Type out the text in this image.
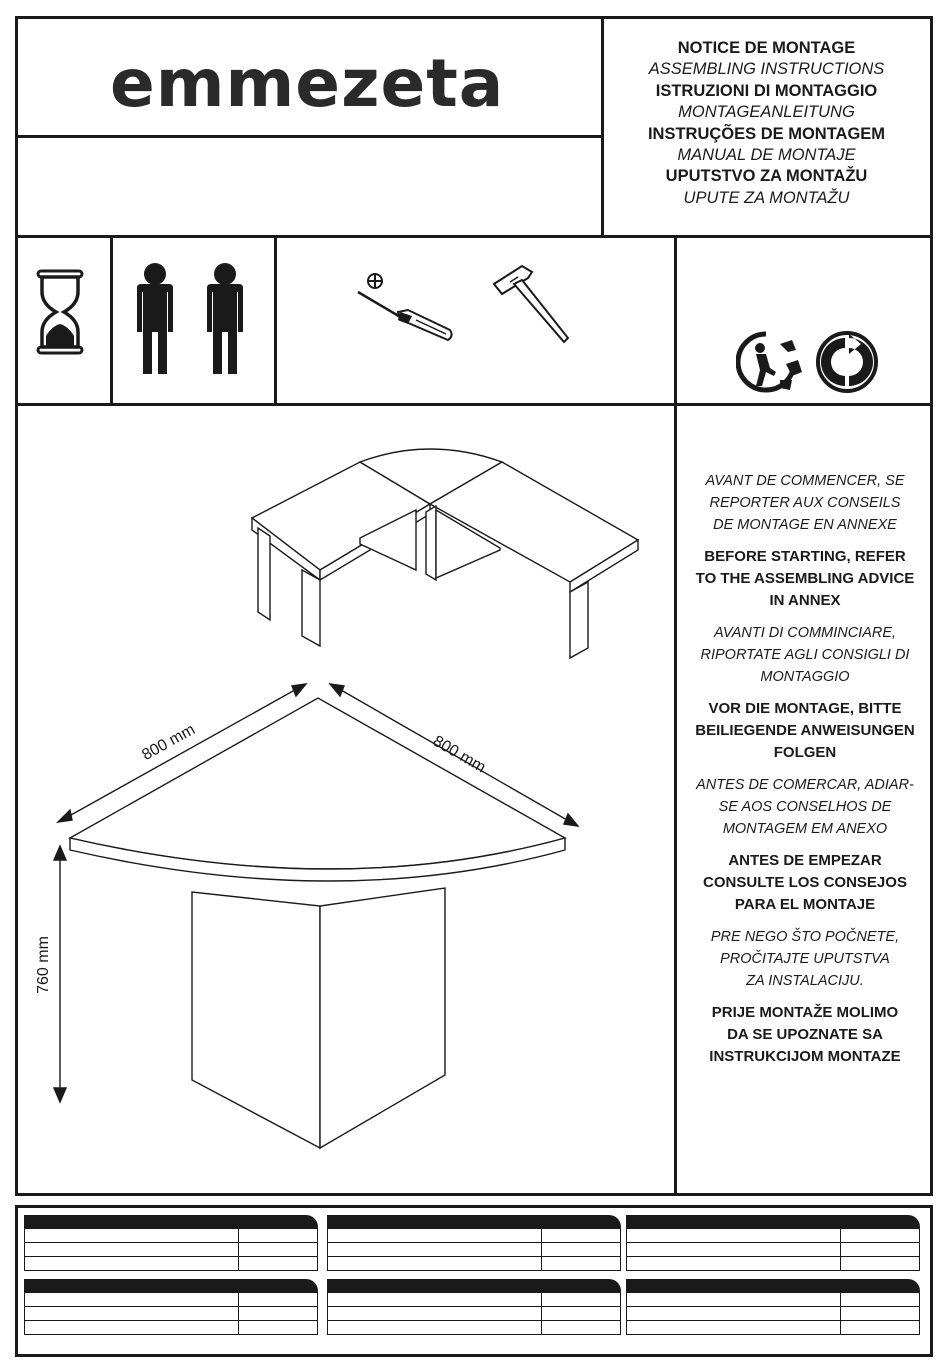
emmezeta	NOTICE DE MONTAGE
ASSEMBLING INSTRUCTIONS
ISTRUZIONI DI MONTAGGIO
MONTAGEANLEITUNG
INSTRUÇÕES DE MONTAGEM
MANUAL DE MONTAJE
UPUTSTVO ZA MONTAŽU
UPUTE ZA MONTAŽU
800 mm	800 mm
760 mm

AVANT DE COMMENCER, SE
REPORTER AUX CONSEILS
DE MONTAGE EN ANNEXE

BEFORE STARTING, REFER
TO THE ASSEMBLING ADVICE
IN ANNEX

AVANTI DI COMMINCIARE,
RIPORTATE AGLI CONSIGLI DI
MONTAGGIO

VOR DIE MONTAGE, BITTE
BEILIEGENDE ANWEISUNGEN
FOLGEN

ANTES DE COMERCAR, ADIAR-
SE AOS CONSELHOS DE
MONTAGEM EM ANEXO

ANTES DE EMPEZAR
CONSULTE LOS CONSEJOS
PARA EL MONTAJE

PRE NEGO ŠTO POČNETE,
PROČITAJTE UPUTSTVA
ZA INSTALACIJU.

PRIJE MONTAŽE MOLIMO
DA SE UPOZNATE SA
INSTRUKCIJOM MONTAZE
